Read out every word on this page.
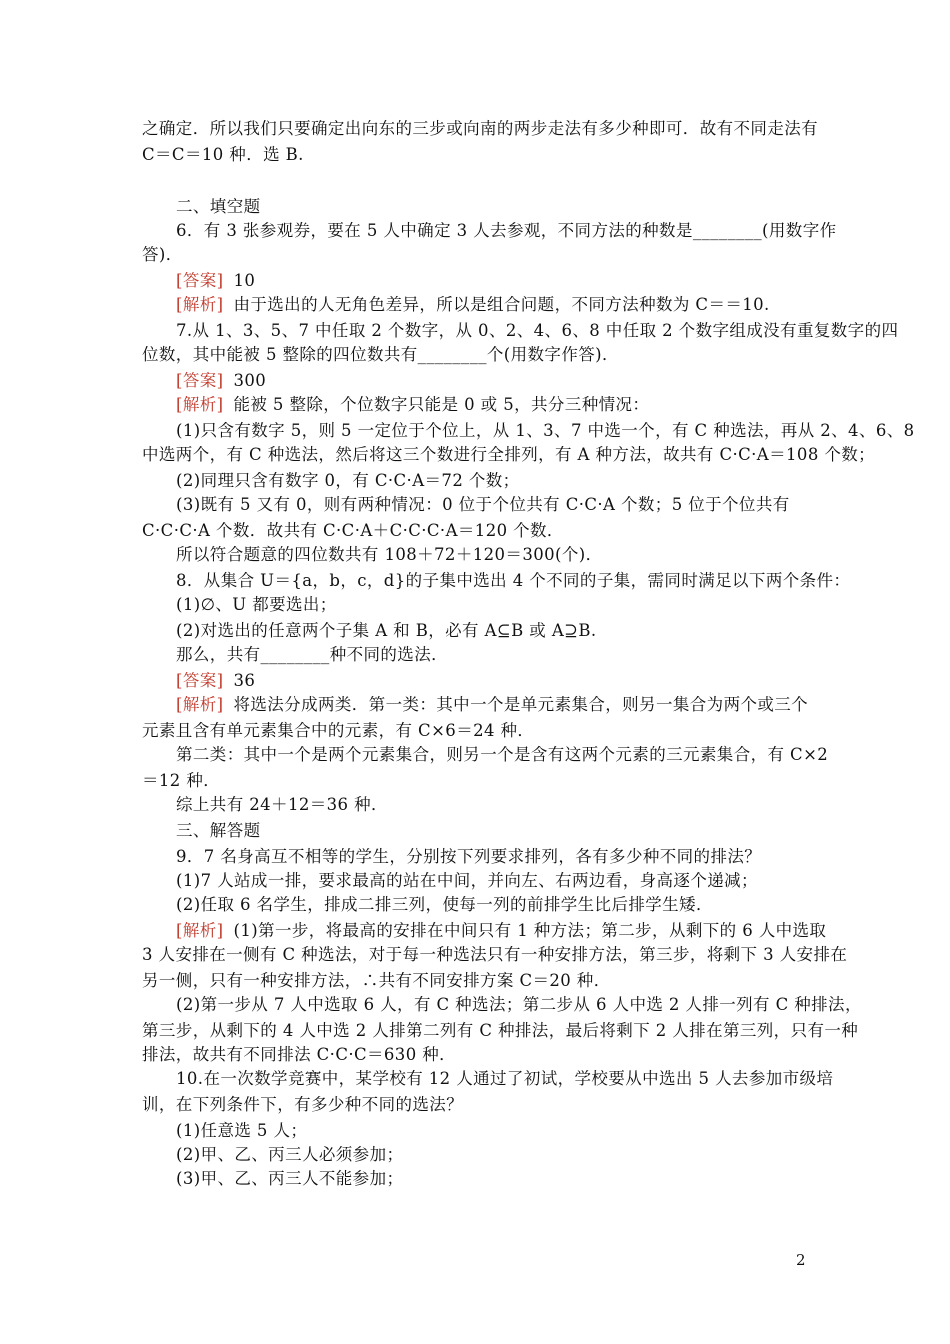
之确定．所以我们只要确定出向东的三步或向南的两步走法有多少种即可．故有不同走法有
C＝C＝10 种．选 B.
二、填空题
6．有 3 张参观券，要在 5 人中确定 3 人去参观，不同方法的种数是________(用数字作
答)．
[答案] 10
[解析] 由于选出的人无角色差异，所以是组合问题，不同方法种数为 C＝＝10.
7.从 1、3、5、7 中任取 2 个数字，从 0、2、4、6、8 中任取 2 个数字组成没有重复数字的四
位数，其中能被 5 整除的四位数共有________个(用数字作答)．
[答案] 300
[解析] 能被 5 整除，个位数字只能是 0 或 5，共分三种情况：
(1)只含有数字 5，则 5 一定位于个位上，从 1、3、7 中选一个，有 C 种选法，再从 2、4、6、8
中选两个，有 C 种选法，然后将这三个数进行全排列，有 A 种方法，故共有 C·C·A＝108 个数；
(2)同理只含有数字 0，有 C·C·A＝72 个数；
(3)既有 5 又有 0，则有两种情况：0 位于个位共有 C·C·A 个数；5 位于个位共有
C·C·C·A 个数．故共有 C·C·A＋C·C·C·A＝120 个数．
所以符合题意的四位数共有 108＋72＋120＝300(个)．
8．从集合 U＝{a，b，c，d}的子集中选出 4 个不同的子集，需同时满足以下两个条件：
(1)∅、U 都要选出；
(2)对选出的任意两个子集 A 和 B，必有 A⊆B 或 A⊇B.
那么，共有________种不同的选法．
[答案] 36
[解析] 将选法分成两类．第一类：其中一个是单元素集合，则另一集合为两个或三个
元素且含有单元素集合中的元素，有 C×6＝24 种．
第二类：其中一个是两个元素集合，则另一个是含有这两个元素的三元素集合，有 C×2
＝12 种．
综上共有 24＋12＝36 种．
三、解答题
9．7 名身高互不相等的学生，分别按下列要求排列，各有多少种不同的排法？
(1)7 人站成一排，要求最高的站在中间，并向左、右两边看，身高逐个递减；
(2)任取 6 名学生，排成二排三列，使每一列的前排学生比后排学生矮．
[解析] (1)第一步，将最高的安排在中间只有 1 种方法；第二步，从剩下的 6 人中选取
3 人安排在一侧有 C 种选法，对于每一种选法只有一种安排方法，第三步，将剩下 3 人安排在
另一侧，只有一种安排方法，∴共有不同安排方案 C＝20 种．
(2)第一步从 7 人中选取 6 人，有 C 种选法；第二步从 6 人中选 2 人排一列有 C 种排法，
第三步，从剩下的 4 人中选 2 人排第二列有 C 种排法，最后将剩下 2 人排在第三列，只有一种
排法，故共有不同排法 C·C·C＝630 种．
10.在一次数学竞赛中，某学校有 12 人通过了初试，学校要从中选出 5 人去参加市级培
训，在下列条件下，有多少种不同的选法？
(1)任意选 5 人；
(2)甲、乙、丙三人必须参加；
(3)甲、乙、丙三人不能参加；
2
